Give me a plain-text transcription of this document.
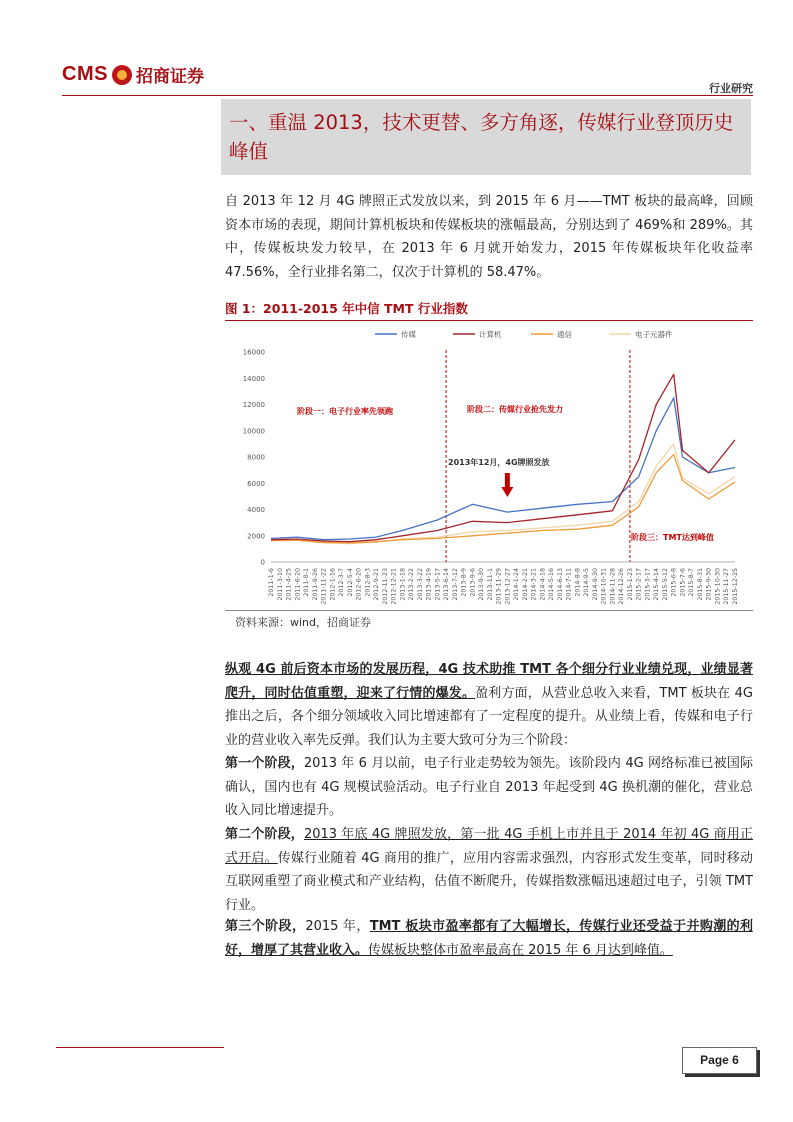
CMS 招商证券
行业研究
一、重温 2013，技术更替、多方角逐，传媒行业登顶历史峰值
自 2013 年 12 月 4G 牌照正式发放以来，到 2015 年 6 月——TMT 板块的最高峰，回顾资本市场的表现，期间计算机板块和传媒板块的涨幅最高，分别达到了 469%和 289%。其中，传媒板块发力较早，在 2013 年 6 月就开始发力，2015 年传媒板块年化收益率 47.56%，全行业排名第二，仅次于计算机的 58.47%。
图 1：2011-2015 年中信 TMT 行业指数
传媒	计算机	通信	电子元器件
0
2000
4000
6000
8000
10000
12000
14000
16000
2011-1-6 2011-3-10 2011-4-25 2011-6-20 2011-8-1 2011-9-26 2011-11-22 2012-1-16 2012-3-7 2012-5-4 2012-6-20 2012-8-3 2012-9-21 2012-11-23 2012-12-21 2013-1-18 2013-2-22 2013-3-22 2013-4-19 2013-5-17 2013-6-14 2013-7-12 2013-8-9 2013-9-6 2013-9-30 2013-11-1 2013-11-29 2013-12-27 2014-1-24 2014-2-21 2014-3-21 2014-4-18 2014-5-16 2014-6-13 2014-7-11 2014-8-8 2014-9-5 2014-9-30 2014-10-31 2014-11-28 2014-12-26 2015-1-23 2015-2-17 2015-3-17 2015-4-14 2015-5-12 2015-6-8 2015-7-6 2015-8-7 2015-8-31 2015-9-30 2015-10-30 2015-11-27 2015-12-25
阶段一：电子行业率先领跑	阶段二：传媒行业抢先发力
阶段三：TMT达到峰值
2013年12月，4G牌照发放
资料来源：wind，招商证券
纵观 4G 前后资本市场的发展历程，4G 技术助推 TMT 各个细分行业业绩兑现，业绩显著爬升，同时估值重塑，迎来了行情的爆发。盈利方面，从营业总收入来看，TMT 板块在 4G 推出之后，各个细分领域收入同比增速都有了一定程度的提升。从业绩上看，传媒和电子行业的营业收入率先反弹。我们认为主要大致可分为三个阶段：
第一个阶段，2013 年 6 月以前，电子行业走势较为领先。该阶段内 4G 网络标准已被国际确认，国内也有 4G 规模试验活动。电子行业自 2013 年起受到 4G 换机潮的催化，营业总收入同比增速提升。
第二个阶段，2013 年底 4G 牌照发放，第一批 4G 手机上市并且于 2014 年初 4G 商用正式开启。传媒行业随着 4G 商用的推广，应用内容需求强烈，内容形式发生变革，同时移动互联网重塑了商业模式和产业结构，估值不断爬升，传媒指数涨幅迅速超过电子，引领 TMT 行业。
第三个阶段，2015 年，TMT 板块市盈率都有了大幅增长，传媒行业还受益于并购潮的利好，增厚了其营业收入。传媒板块整体市盈率最高在 2015 年 6 月达到峰值。
Page 6
